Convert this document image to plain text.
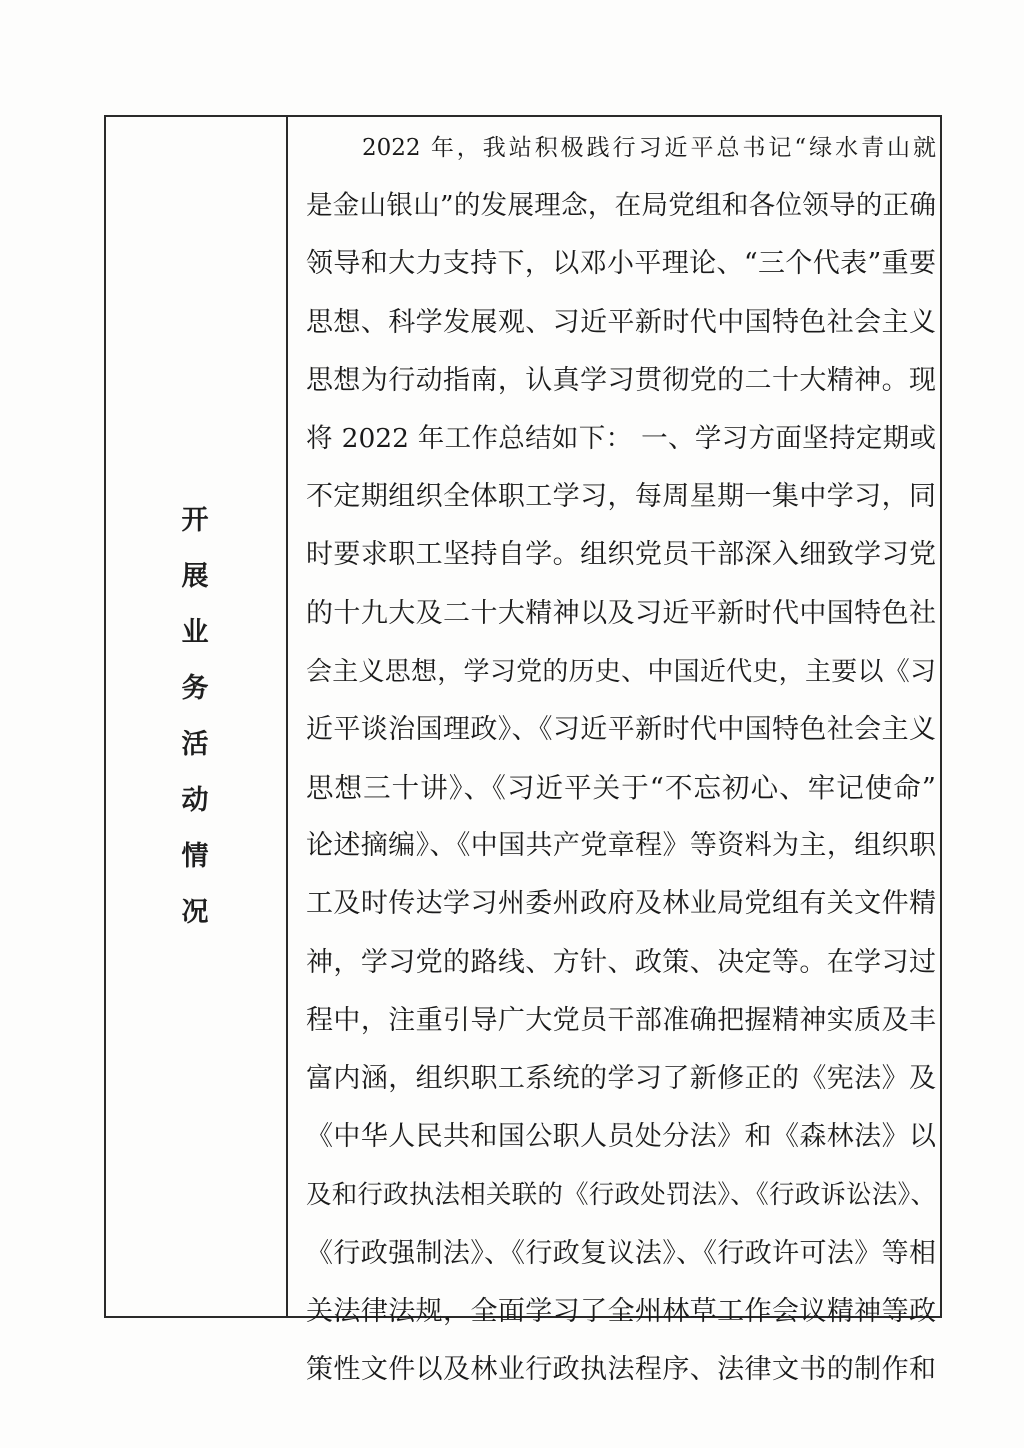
开
展
业
务
活
动
情
况
2022 年，我站积极践行习近平总书记“绿水青山就
是金山银山”的发展理念，在局党组和各位领导的正确
领导和大力支持下，以邓小平理论、“三个代表”重要
思想、科学发展观、习近平新时代中国特色社会主义
思想为行动指南，认真学习贯彻党的二十大精神。现
将 2022 年工作总结如下： 一、学习方面坚持定期或
不定期组织全体职工学习，每周星期一集中学习，同
时要求职工坚持自学。组织党员干部深入细致学习党
的十九大及二十大精神以及习近平新时代中国特色社
会主义思想，学习党的历史、中国近代史，主要以《习
近平谈治国理政》、《习近平新时代中国特色社会主义
思想三十讲》、《习近平关于“不忘初心、牢记使命”
论述摘编》、《中国共产党章程》等资料为主，组织职
工及时传达学习州委州政府及林业局党组有关文件精
神，学习党的路线、方针、政策、决定等。在学习过
程中，注重引导广大党员干部准确把握精神实质及丰
富内涵，组织职工系统的学习了新修正的《宪法》及
《中华人民共和国公职人员处分法》和《森林法》以
及和行政执法相关联的《行政处罚法》、《行政诉讼法》、
《行政强制法》、《行政复议法》、《行政许可法》等相
关法律法规，全面学习了全州林草工作会议精神等政
策性文件以及林业行政执法程序、法律文书的制作和
